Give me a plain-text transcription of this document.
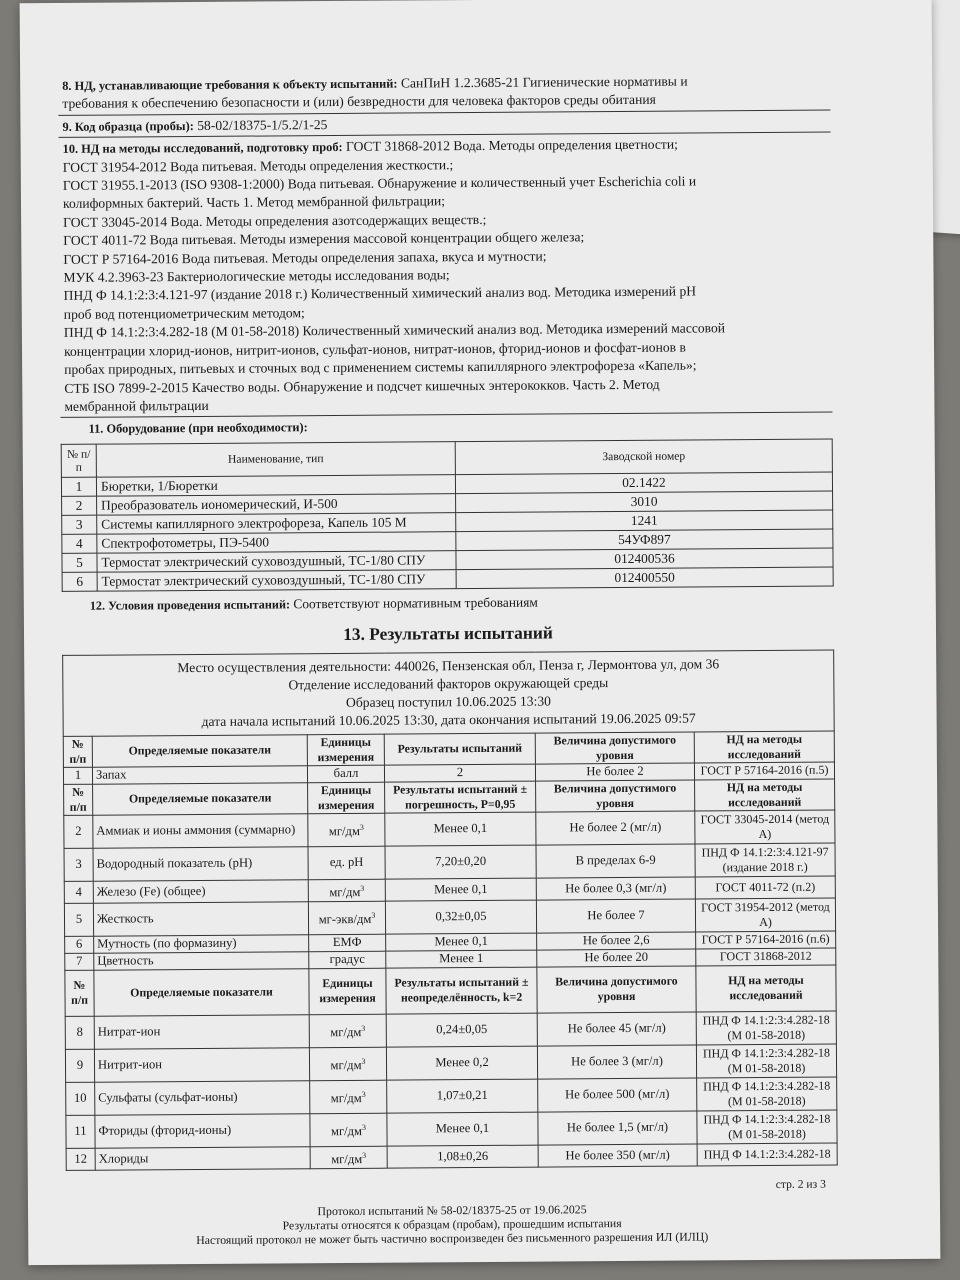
8. НД, устанавливающие требования к объекту испытаний: СанПиН 1.2.3685-21 Гигиенические нормативы и

требования к обеспечению безопасности и (или) безвредности для человека факторов среды обитания

9. Код образца (пробы): 58-02/18375-1/5.2/1-25

10. НД на методы исследований, подготовку проб: ГОСТ 31868-2012 Вода. Методы определения цветности;

ГОСТ 31954-2012 Вода питьевая. Методы определения жесткости.;

ГОСТ 31955.1-2013 (ISO 9308-1:2000) Вода питьевая. Обнаружение и количественный учет Escherichia coli и

колиформных бактерий. Часть 1. Метод мембранной фильтрации;

ГОСТ 33045-2014 Вода. Методы определения азотсодержащих веществ.;

ГОСТ 4011-72 Вода питьевая. Методы измерения массовой концентрации общего железа;

ГОСТ Р 57164-2016 Вода питьевая. Методы определения запаха, вкуса и мутности;

МУК 4.2.3963-23 Бактериологические методы исследования воды;

ПНД Ф 14.1:2:3:4.121-97 (издание 2018 г.) Количественный химический анализ вод. Методика измерений pH

проб вод потенциометрическим методом;

ПНД Ф 14.1:2:3:4.282-18 (М 01-58-2018) Количественный химический анализ вод. Методика измерений массовой

концентрации хлорид-ионов, нитрит-ионов, сульфат-ионов, нитрат-ионов, фторид-ионов и фосфат-ионов в

пробах природных, питьевых и сточных вод с применением системы капиллярного электрофореза «Капель»;

СТБ ISO 7899-2-2015 Качество воды. Обнаружение и подсчет кишечных энтерококков. Часть 2. Метод

мембранной фильтрации

11. Оборудование (при необходимости):

№ п/п	Наименование, тип	Заводской номер
1	Бюретки, 1/Бюретки	02.1422
2	Преобразователь иономерический, И-500	3010
3	Системы капиллярного электрофореза, Капель 105 М	1241
4	Спектрофотометры, ПЭ-5400	54УФ897
5	Термостат электрический суховоздушный, ТС-1/80 СПУ	012400536
6	Термостат электрический суховоздушный, ТС-1/80 СПУ	012400550
12. Условия проведения испытаний: Соответствуют нормативным требованиям
13. Результаты испытаний
Место осуществления деятельности: 440026, Пензенская обл, Пенза г, Лермонтова ул, дом 36
Отделение исследований факторов окружающей среды
Образец поступил 10.06.2025 13:30
дата начала испытаний 10.06.2025 13:30, дата окончания испытаний 19.06.2025 09:57					

№ п/п	Определяемые показатели	Единицы измерения	Результаты испытаний	Величина допустимого уровня	НД на методы исследований
1	Запах	балл	2	Не более 2	ГОСТ Р 57164-2016 (п.5)
№ п/п	Определяемые показатели	Единицы измерения	Результаты испытаний ± погрешность, P=0,95	Величина допустимого уровня	НД на методы исследований
2	Аммиак и ионы аммония (суммарно)	$мг/дм^3$	Менее 0,1	Не более 2 (мг/л)	ГОСТ 33045-2014 (метод А)
3	Водородный показатель (pH)	ед. pH	7,20±0,20	В пределах 6-9	ПНД Ф 14.1:2:3:4.121-97 (издание 2018 г.)
4	Железо (Fe) (общее)	$мг/дм^3$	Менее 0,1	Не более 0,3 (мг/л)	ГОСТ 4011-72 (п.2)
5	Жесткость	$мг-экв/дм^3$	0,32±0,05	Не более 7	ГОСТ 31954-2012 (метод А)
6	Мутность (по формазину)	ЕМФ	Менее 0,1	Не более 2,6	ГОСТ Р 57164-2016 (п.6)
7	Цветность	градус	Менее 1	Не более 20	ГОСТ 31868-2012
№ п/п	Определяемые показатели	Единицы измерения	Результаты испытаний ± неопределённость, k=2	Величина допустимого уровня	НД на методы исследований
8	Нитрат-ион	$мг/дм^3$	0,24±0,05	Не более 45 (мг/л)	ПНД Ф 14.1:2:3:4.282-18 (М 01-58-2018)
9	Нитрит-ион	$мг/дм^3$	Менее 0,2	Не более 3 (мг/л)	ПНД Ф 14.1:2:3:4.282-18 (М 01-58-2018)
10	Сульфаты (сульфат-ионы)	$мг/дм^3$	1,07±0,21	Не более 500 (мг/л)	ПНД Ф 14.1:2:3:4.282-18 (М 01-58-2018)
11	Фториды (фторид-ионы)	$мг/дм^3$	Менее 0,1	Не более 1,5 (мг/л)	ПНД Ф 14.1:2:3:4.282-18 (М 01-58-2018)
12	Хлориды	$мг/дм^3$	1,08±0,26	Не более 350 (мг/л)	ПНД Ф 14.1:2:3:4.282-18
стр. 2 из 3
Протокол испытаний № 58-02/18375-25 от 19.06.2025
Результаты относятся к образцам (пробам), прошедшим испытания
Настоящий протокол не может быть частично воспроизведен без письменного разрешения ИЛ (ИЛЦ)
